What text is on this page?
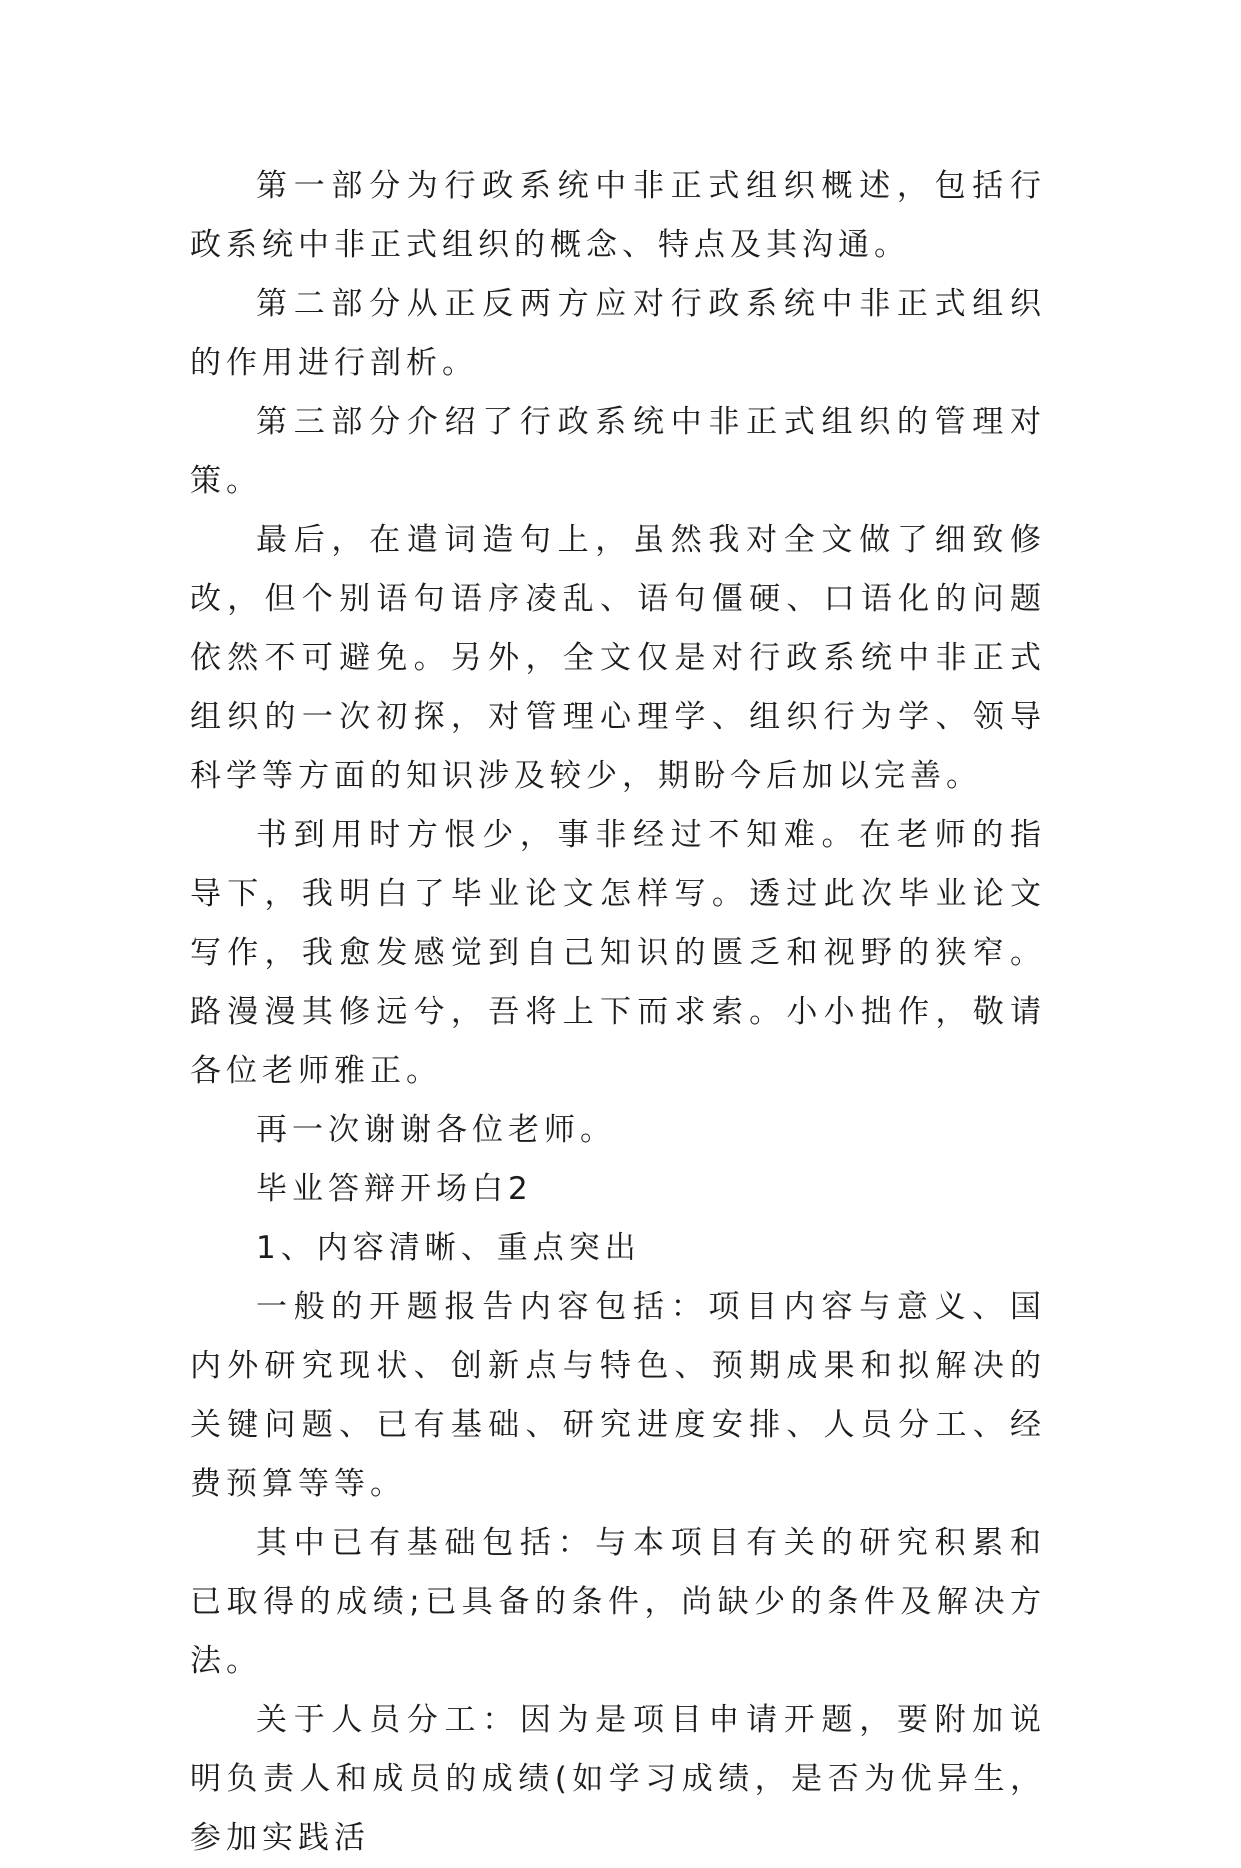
第一部分为行政系统中非正式组织概述，包括行政系统中非正式组织的概念、特点及其沟通。

第二部分从正反两方应对行政系统中非正式组织的作用进行剖析。

第三部分介绍了行政系统中非正式组织的管理对策。

最后，在遣词造句上，虽然我对全文做了细致修改，但个别语句语序凌乱、语句僵硬、口语化的问题依然不可避免。另外，全文仅是对行政系统中非正式组织的一次初探，对管理心理学、组织行为学、领导科学等方面的知识涉及较少，期盼今后加以完善。

书到用时方恨少，事非经过不知难。在老师的指导下，我明白了毕业论文怎样写。透过此次毕业论文写作，我愈发感觉到自己知识的匮乏和视野的狭窄。路漫漫其修远兮，吾将上下而求索。小小拙作，敬请各位老师雅正。

再一次谢谢各位老师。

毕业答辩开场白2

1、内容清晰、重点突出

一般的开题报告内容包括：项目内容与意义、国内外研究现状、创新点与特色、预期成果和拟解决的关键问题、已有基础、研究进度安排、人员分工、经费预算等等。

其中已有基础包括：与本项目有关的研究积累和已取得的成绩;已具备的条件，尚缺少的条件及解决方法。

关于人员分工：因为是项目申请开题，要附加说明负责人和成员的成绩(如学习成绩，是否为优异生，参加实践活
